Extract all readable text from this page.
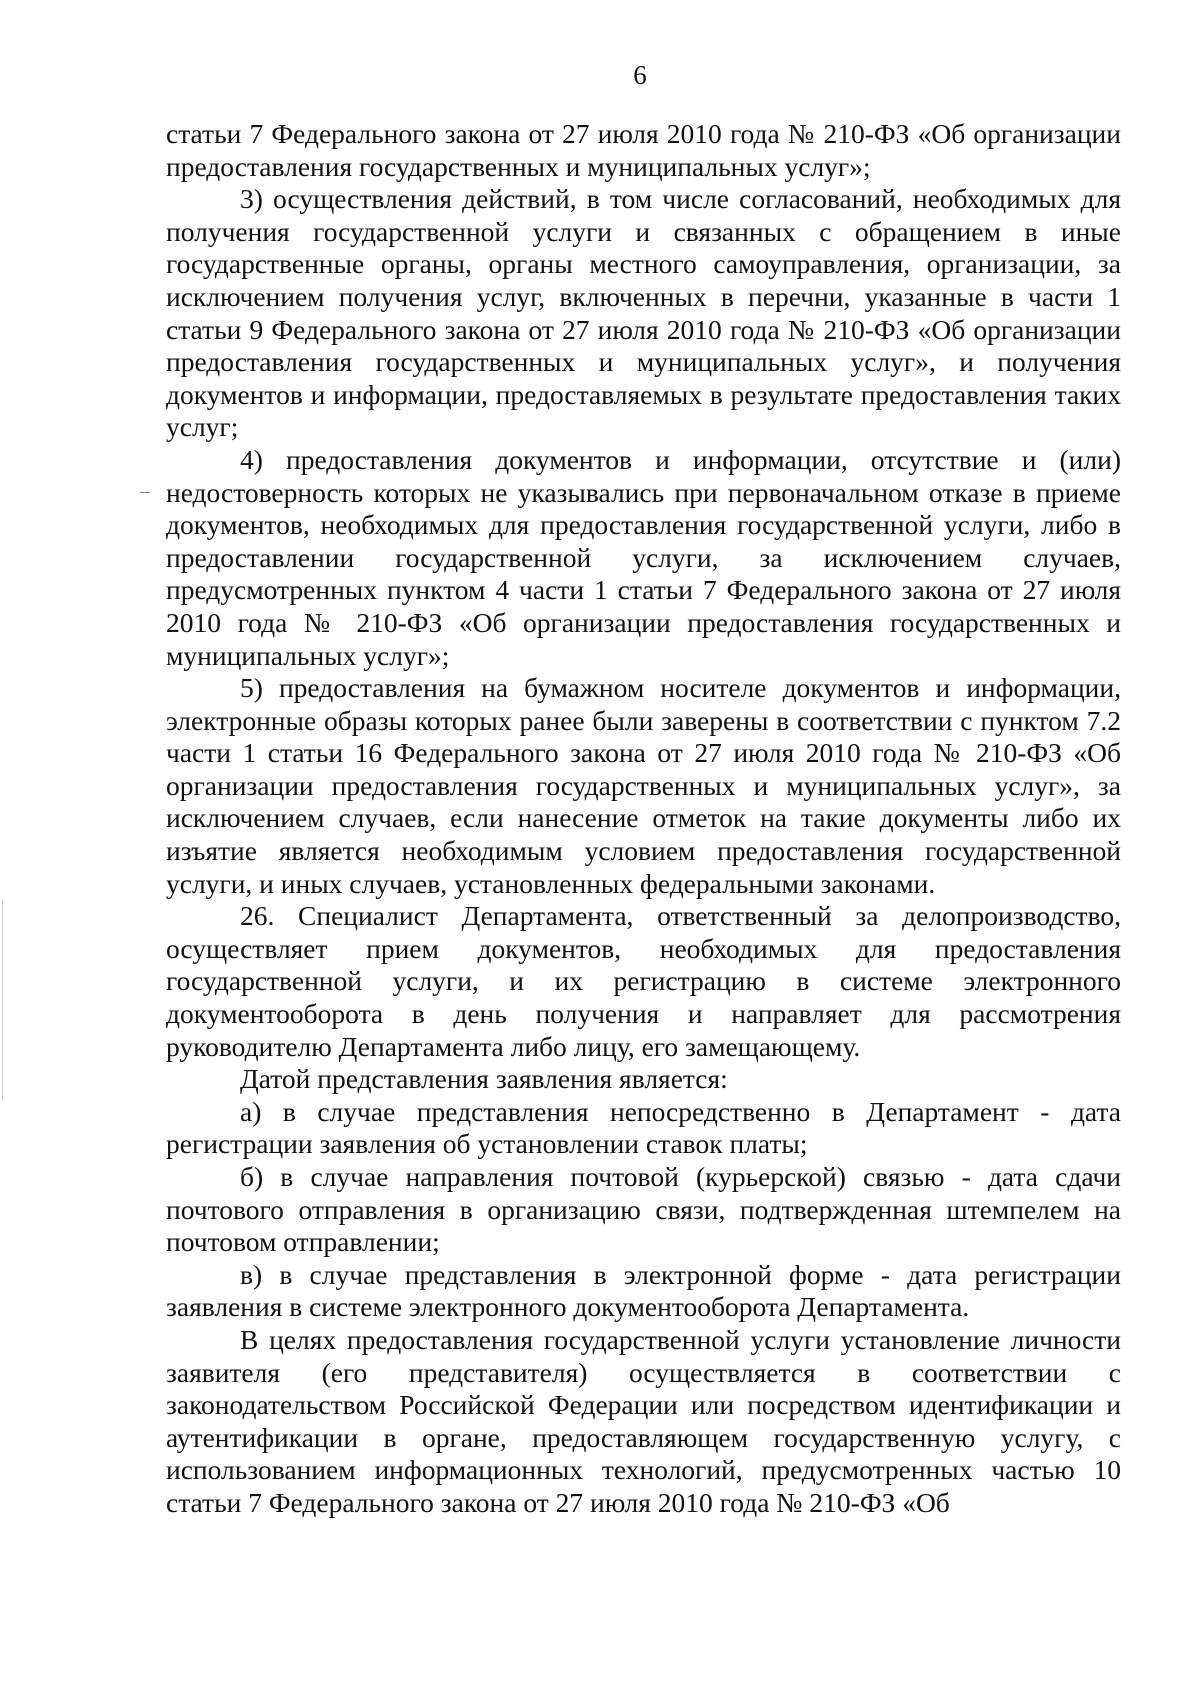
6

статьи 7 Федерального закона от 27 июля 2010 года № 210-ФЗ «Об организации предоставления государственных и муниципальных услуг»;

3) осуществления действий, в том числе согласований, необходимых для получения государственной услуги и связанных с обращением в иные государственные органы, органы местного самоуправления, организации, за исключением получения услуг, включенных в перечни, указанные в части 1 статьи 9 Федерального закона от 27 июля 2010 года № 210-ФЗ «Об организации предоставления государственных и муниципальных услуг», и получения документов и информации, предоставляемых в результате предоставления таких услуг;

4) предоставления документов и информации, отсутствие и (или) недостоверность которых не указывались при первоначальном отказе в приеме документов, необходимых для предоставления государственной услуги, либо в предоставлении государственной услуги, за исключением случаев, предусмотренных пунктом 4 части 1 статьи 7 Федерального закона от 27 июля 2010 года № 210-ФЗ «Об организации предоставления государственных и муниципальных услуг»;

5) предоставления на бумажном носителе документов и информации, электронные образы которых ранее были заверены в соответствии с пунктом 7.2 части 1 статьи 16 Федерального закона от 27 июля 2010 года № 210-ФЗ «Об организации предоставления государственных и муниципальных услуг», за исключением случаев, если нанесение отметок на такие документы либо их изъятие является необходимым условием предоставления государственной услуги, и иных случаев, установленных федеральными законами.

26. Специалист Департамента, ответственный за делопроизводство, осуществляет прием документов, необходимых для предоставления государственной услуги, и их регистрацию в системе электронного документооборота в день получения и направляет для рассмотрения руководителю Департамента либо лицу, его замещающему.

Датой представления заявления является:

а) в случае представления непосредственно в Департамент - дата регистрации заявления об установлении ставок платы;

б) в случае направления почтовой (курьерской) связью - дата сдачи почтового отправления в организацию связи, подтвержденная штемпелем на почтовом отправлении;

в) в случае представления в электронной форме - дата регистрации заявления в системе электронного документооборота Департамента.

В целях предоставления государственной услуги установление личности заявителя (его представителя) осуществляется в соответствии с законодательством Российской Федерации или посредством идентификации и аутентификации в органе, предоставляющем государственную услугу, с использованием информационных технологий, предусмотренных частью 10 статьи 7 Федерального закона от 27 июля 2010 года № 210-ФЗ «Об
